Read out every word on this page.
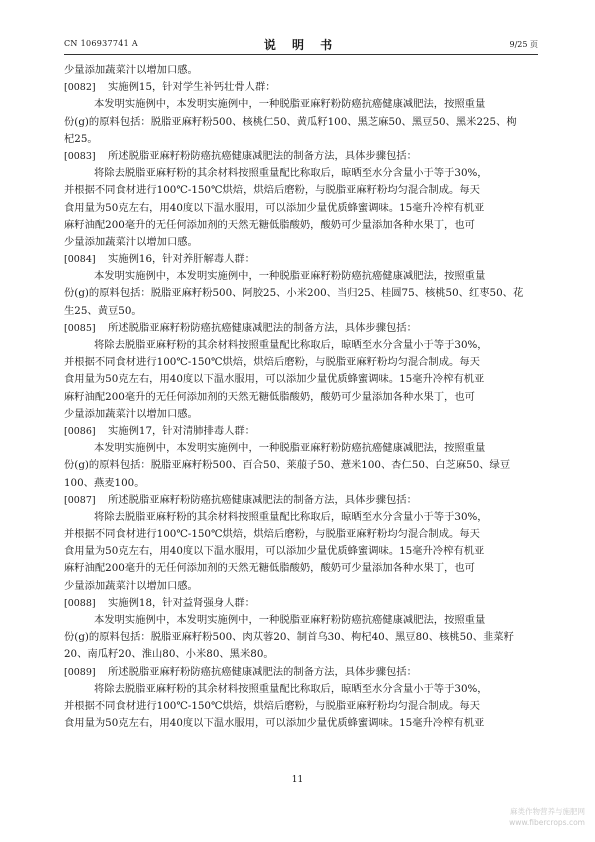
CN 106937741 A	说 明 书	9/25 页
少量添加蔬菜汁以增加口感。
[0082] 实施例15，针对学生补钙壮骨人群：
本发明实施例中，本发明实施例中，一种脱脂亚麻籽粉防癌抗癌健康减肥法，按照重量
份(g)的原料包括：脱脂亚麻籽粉500、核桃仁50、黄瓜籽100、黑芝麻50、黑豆50、黑米225、枸
杞25。
[0083] 所述脱脂亚麻籽粉防癌抗癌健康减肥法的制备方法，具体步骤包括：
将除去脱脂亚麻籽粉的其余材料按照重量配比称取后，晾晒至水分含量小于等于30%，
并根据不同食材进行100℃-150℃烘焙，烘焙后磨粉，与脱脂亚麻籽粉均匀混合制成。每天
食用量为50克左右，用40度以下温水服用，可以添加少量优质蜂蜜调味。15毫升冷榨有机亚
麻籽油配200毫升的无任何添加剂的天然无糖低脂酸奶，酸奶可少量添加各种水果丁，也可
少量添加蔬菜汁以增加口感。
[0084] 实施例16，针对养肝解毒人群：
本发明实施例中，本发明实施例中，一种脱脂亚麻籽粉防癌抗癌健康减肥法，按照重量
份(g)的原料包括：脱脂亚麻籽粉500、阿胶25、小米200、当归25、桂圆75、核桃50、红枣50、花
生25、黄豆50。
[0085] 所述脱脂亚麻籽粉防癌抗癌健康减肥法的制备方法，具体步骤包括：
将除去脱脂亚麻籽粉的其余材料按照重量配比称取后，晾晒至水分含量小于等于30%，
并根据不同食材进行100℃-150℃烘焙，烘焙后磨粉，与脱脂亚麻籽粉均匀混合制成。每天
食用量为50克左右，用40度以下温水服用，可以添加少量优质蜂蜜调味。15毫升冷榨有机亚
麻籽油配200毫升的无任何添加剂的天然无糖低脂酸奶，酸奶可少量添加各种水果丁，也可
少量添加蔬菜汁以增加口感。
[0086] 实施例17，针对清肺排毒人群：
本发明实施例中，本发明实施例中，一种脱脂亚麻籽粉防癌抗癌健康减肥法，按照重量
份(g)的原料包括：脱脂亚麻籽粉500、百合50、莱菔子50、薏米100、杏仁50、白芝麻50、绿豆
100、燕麦100。
[0087] 所述脱脂亚麻籽粉防癌抗癌健康减肥法的制备方法，具体步骤包括：
将除去脱脂亚麻籽粉的其余材料按照重量配比称取后，晾晒至水分含量小于等于30%，
并根据不同食材进行100℃-150℃烘焙，烘焙后磨粉，与脱脂亚麻籽粉均匀混合制成。每天
食用量为50克左右，用40度以下温水服用，可以添加少量优质蜂蜜调味。15毫升冷榨有机亚
麻籽油配200毫升的无任何添加剂的天然无糖低脂酸奶，酸奶可少量添加各种水果丁，也可
少量添加蔬菜汁以增加口感。
[0088] 实施例18，针对益肾强身人群：
本发明实施例中，本发明实施例中，一种脱脂亚麻籽粉防癌抗癌健康减肥法，按照重量
份(g)的原料包括：脱脂亚麻籽粉500、肉苁蓉20、制首乌30、枸杞40、黑豆80、核桃50、韭菜籽
20、南瓜籽20、淮山80、小米80、黑米80。
[0089] 所述脱脂亚麻籽粉防癌抗癌健康减肥法的制备方法，具体步骤包括：
将除去脱脂亚麻籽粉的其余材料按照重量配比称取后，晾晒至水分含量小于等于30%，
并根据不同食材进行100℃-150℃烘焙，烘焙后磨粉，与脱脂亚麻籽粉均匀混合制成。每天
食用量为50克左右，用40度以下温水服用，可以添加少量优质蜂蜜调味。15毫升冷榨有机亚
11
麻类作物营养与施肥网
www.fibercrops.com
